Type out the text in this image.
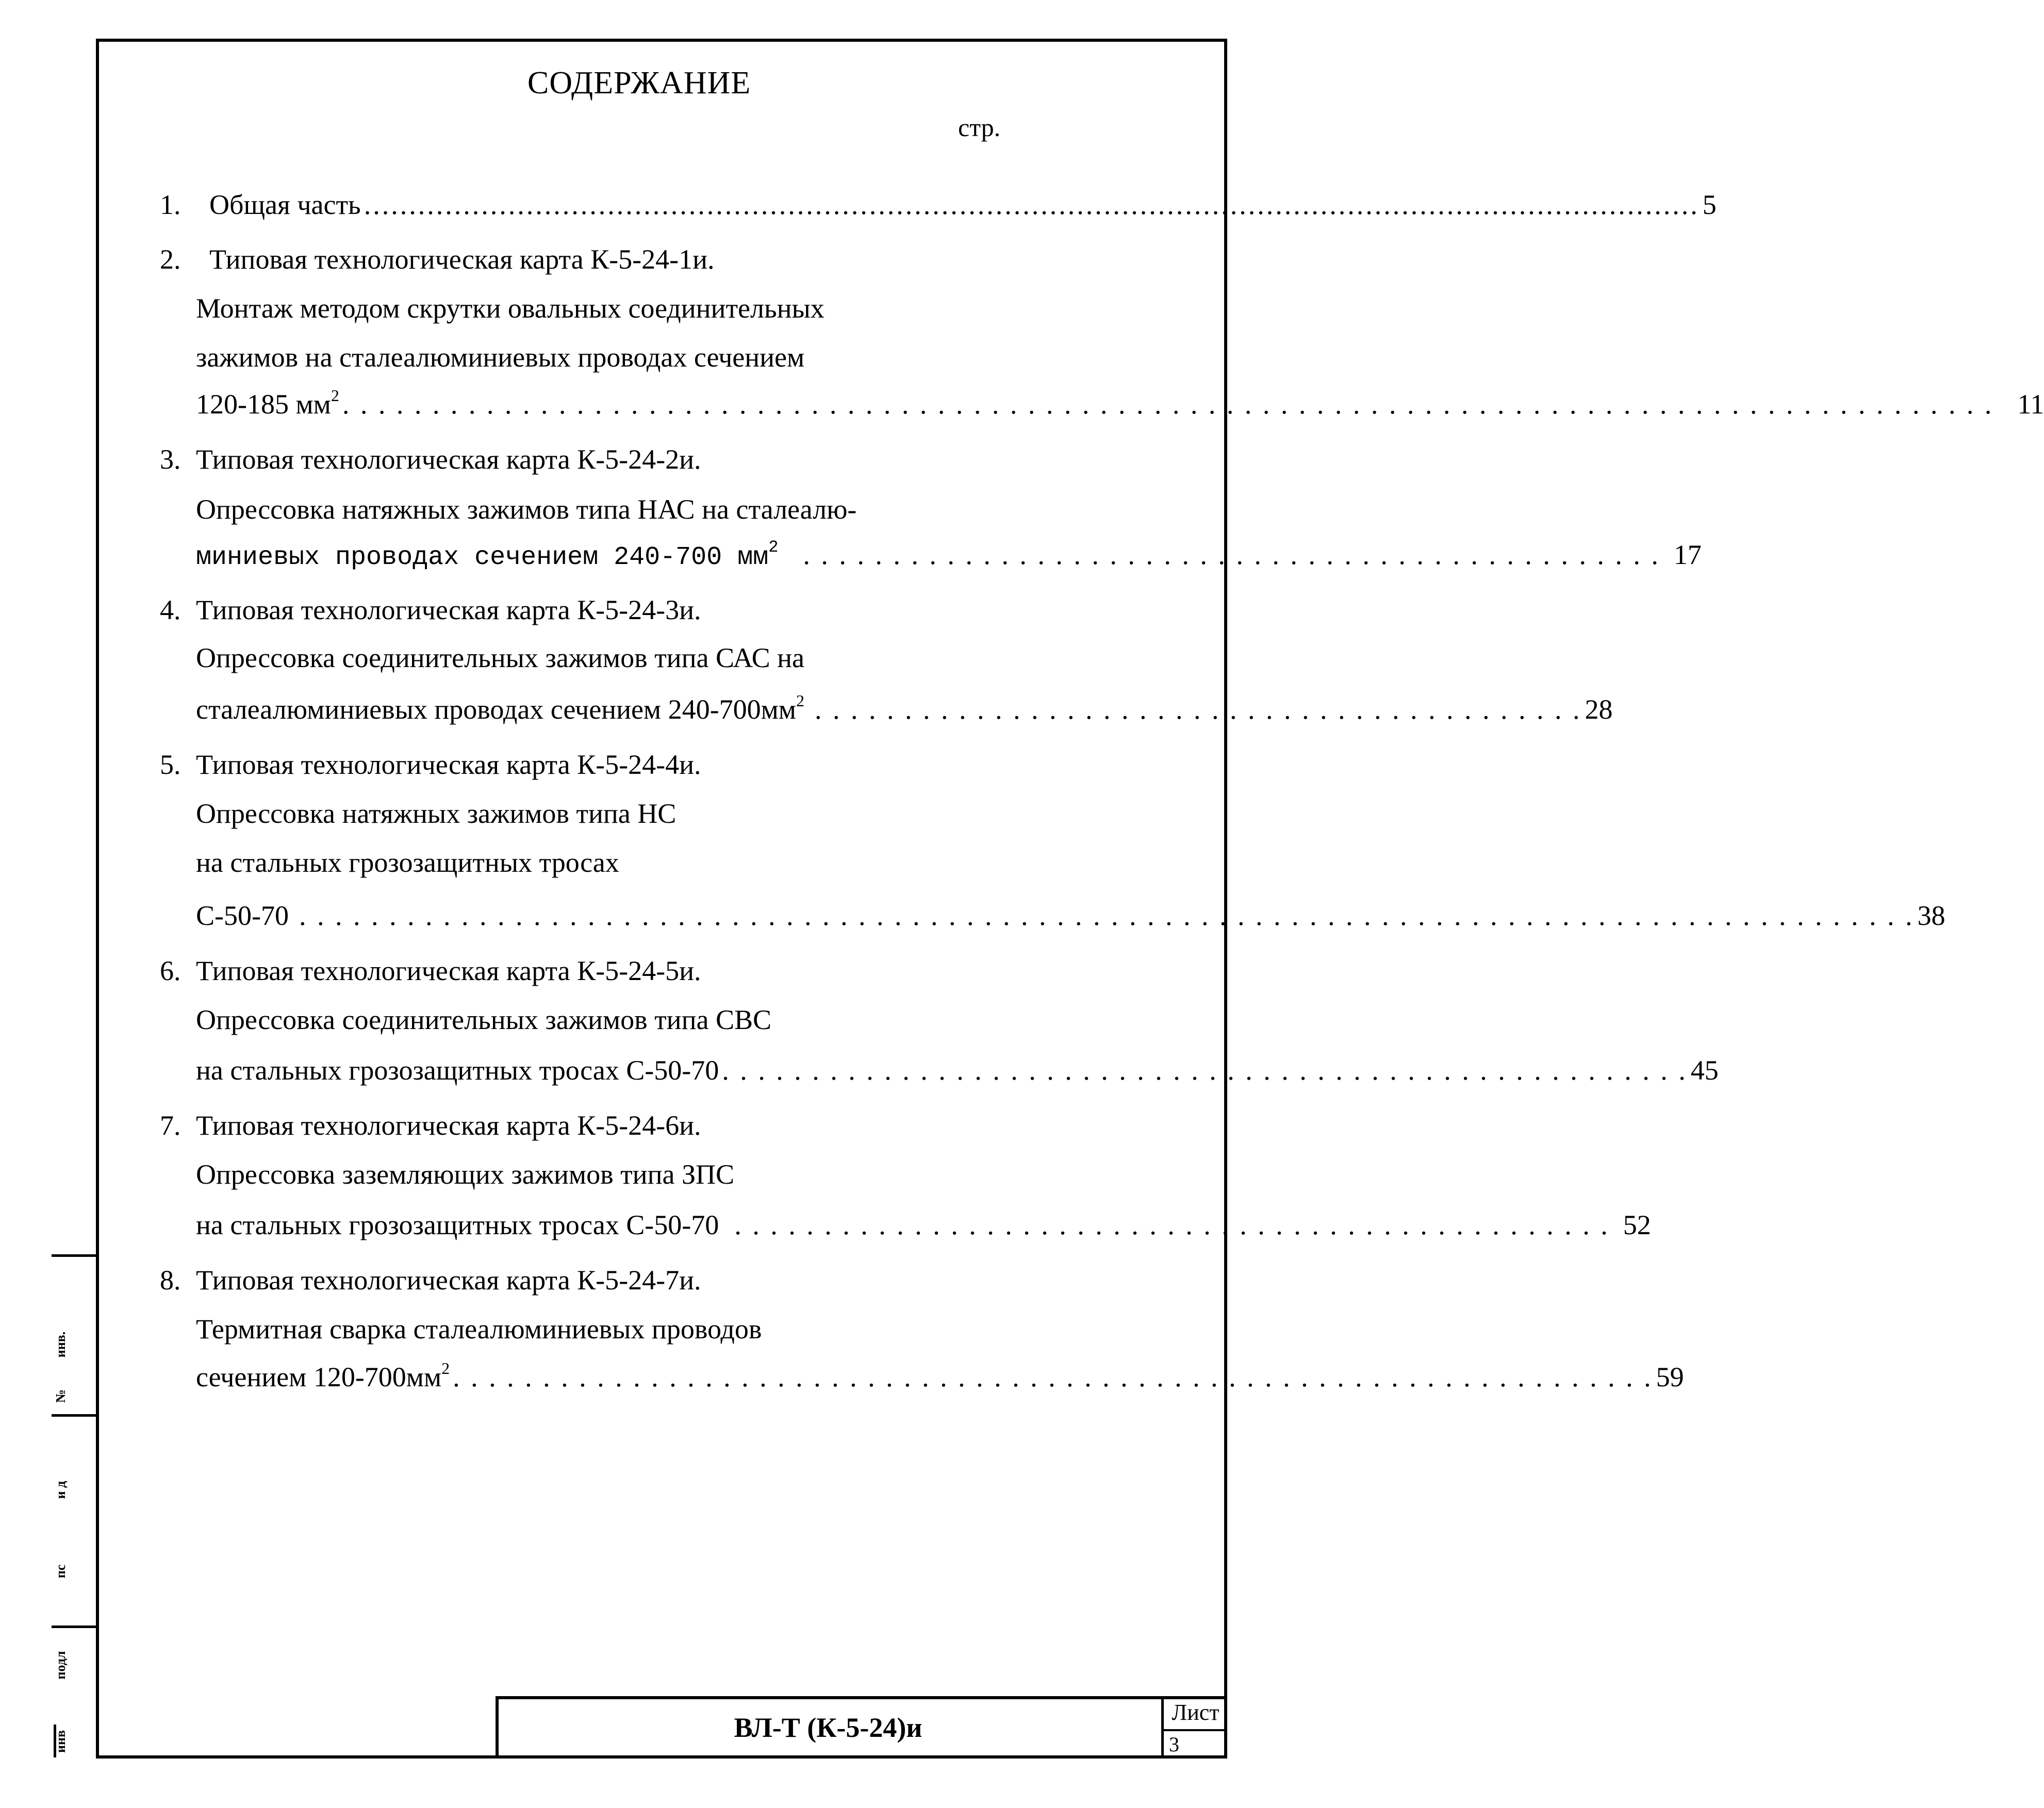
СОДЕРЖАНИЕ
стр.
1. Общая часть .................................................................................................................................................... 5
2. Типовая технологическая карта К-5-24-1и.
Монтаж методом скрутки овальных соединительных
зажимов на сталеалюминиевых проводах сечением
120-185 $мм^2$ . . . . . . . . . . . . . . . . . . . . . . . . . . . . . . . . . . . . . . . . . . . . . . . . . . . . . . . . . . . . . . . . . . . . . . . . . . . . . . . . . . . . . . . . . . . . 11
3. Типовая технологическая карта К-5-24-2и.
Опрессовка натяжных зажимов типа НАС на сталеалю-
миниевых проводах сечением 240-700 $мм^2$ . . . . . . . . . . . . . . . . . . . . . . . . . . . . . . . . . . . . . . . . . . . . . . . . 17
4. Типовая технологическая карта К-5-24-3и.
Опрессовка соединительных зажимов типа САС на
сталеалюминиевых проводах сечением $240-700мм^2$ . . . . . . . . . . . . . . . . . . . . . . . . . . . . . . . . . . . . . . . . . . . 28
5. Типовая технологическая карта К-5-24-4и.
Опрессовка натяжных зажимов типа НС
на стальных грозозащитных тросах
С-50-70 . . . . . . . . . . . . . . . . . . . . . . . . . . . . . . . . . . . . . . . . . . . . . . . . . . . . . . . . . . . . . . . . . . . . . . . . . . . . . . . . . . . . . . . . . . 38
6. Типовая технологическая карта К-5-24-5и.
Опрессовка соединительных зажимов типа СВС
на стальных грозозащитных тросах С-50-70 . . . . . . . . . . . . . . . . . . . . . . . . . . . . . . . . . . . . . . . . . . . . . . . . . . . . . . 45
7. Типовая технологическая карта К-5-24-6и.
Опрессовка заземляющих зажимов типа ЗПС
на стальных грозозащитных тросах С-50-70 . . . . . . . . . . . . . . . . . . . . . . . . . . . . . . . . . . . . . . . . . . . . . . . . . 52
8. Типовая технологическая карта К-5-24-7и.
Термитная сварка сталеалюминиевых проводов
сечением $120-700мм^2$ . . . . . . . . . . . . . . . . . . . . . . . . . . . . . . . . . . . . . . . . . . . . . . . . . . . . . . . . . . . . . . . . . . . 59
ВЛ-Т (К-5-24)и	Лист
3
инв.
№
и д
пс
подл
инв
